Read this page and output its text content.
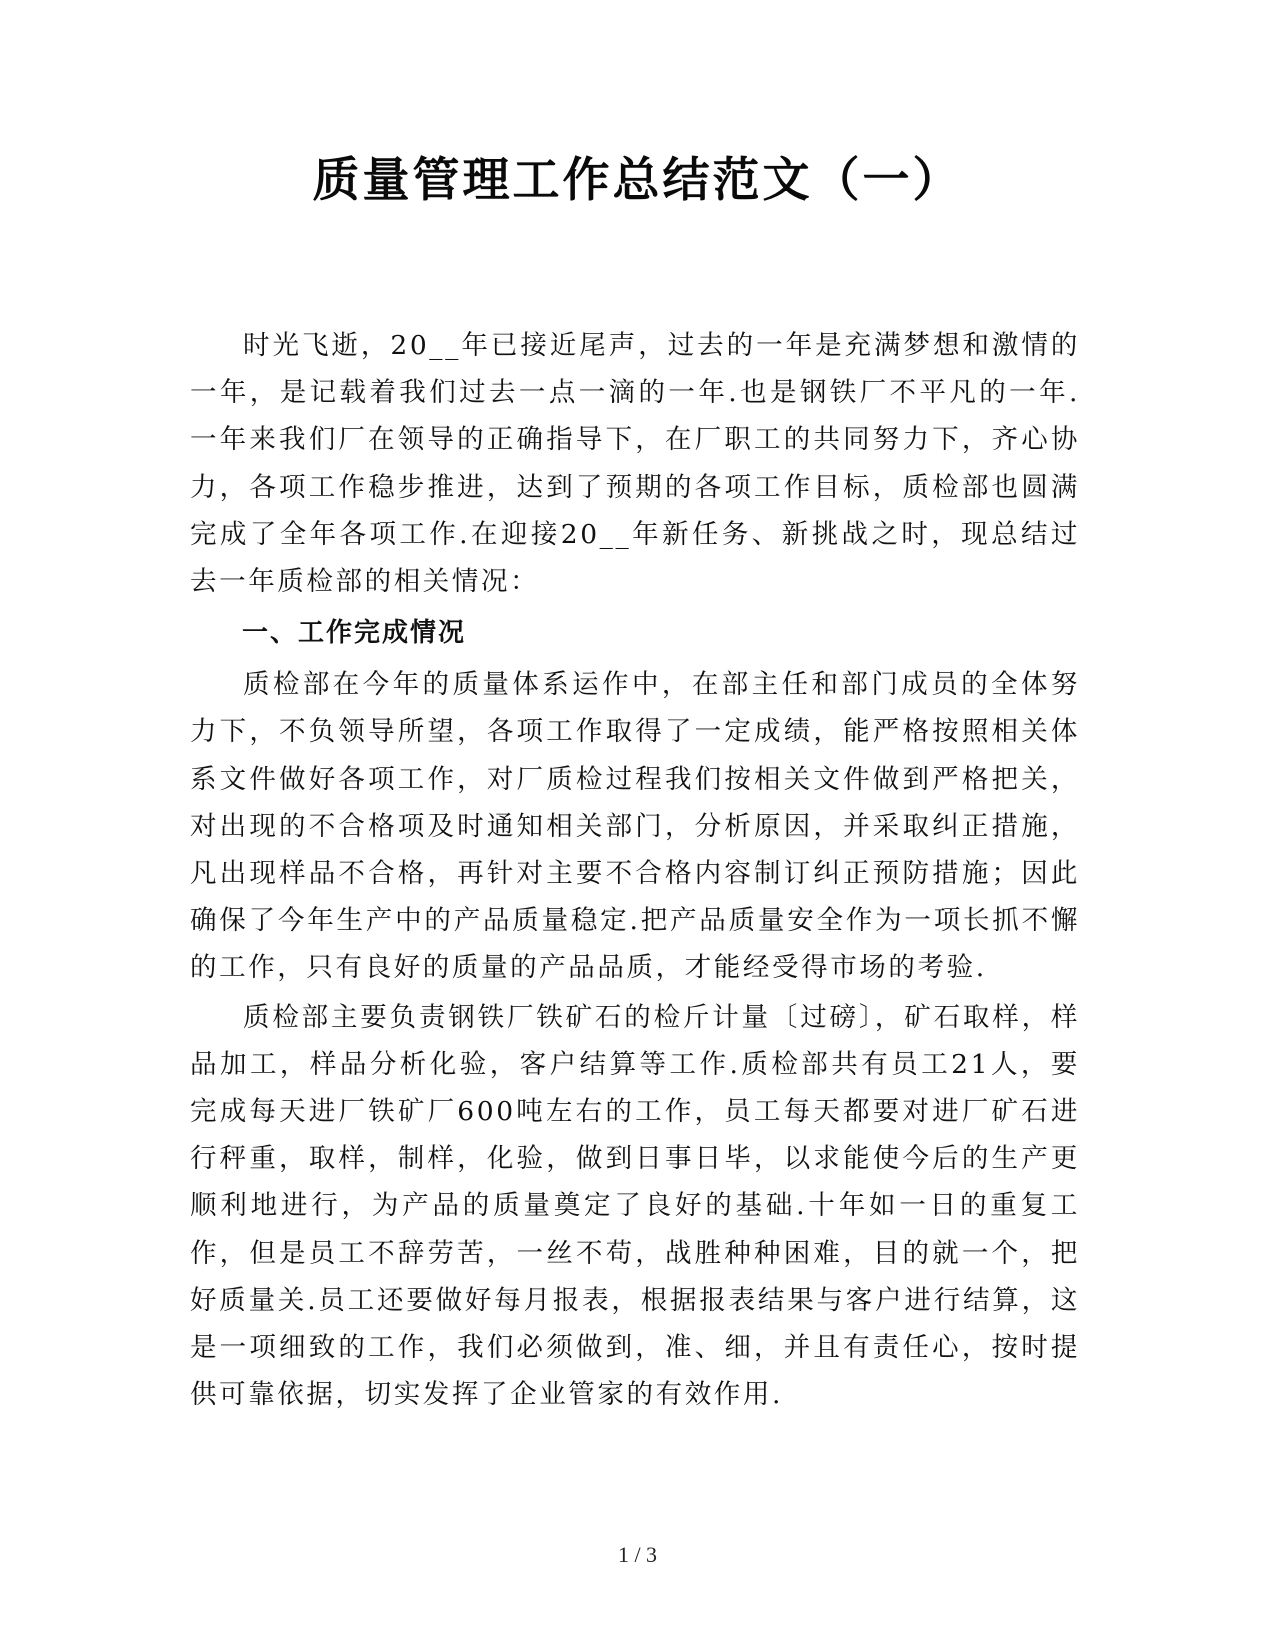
质量管理工作总结范文（一）

时光飞逝，20__年已接近尾声，过去的一年是充满梦想和激情的一年，是记载着我们过去一点一滴的一年.也是钢铁厂不平凡的一年.一年来我们厂在领导的正确指导下，在厂职工的共同努力下，齐心协力，各项工作稳步推进，达到了预期的各项工作目标，质检部也圆满完成了全年各项工作.在迎接20__年新任务、新挑战之时，现总结过去一年质检部的相关情况：

一、工作完成情况

质检部在今年的质量体系运作中，在部主任和部门成员的全体努力下，不负领导所望，各项工作取得了一定成绩，能严格按照相关体系文件做好各项工作，对厂质检过程我们按相关文件做到严格把关，对出现的不合格项及时通知相关部门，分析原因，并采取纠正措施，凡出现样品不合格，再针对主要不合格内容制订纠正预防措施；因此确保了今年生产中的产品质量稳定.把产品质量安全作为一项长抓不懈的工作，只有良好的质量的产品品质，才能经受得市场的考验.

质检部主要负责钢铁厂铁矿石的检斤计量〔过磅〕，矿石取样，样品加工，样品分析化验，客户结算等工作.质检部共有员工21人，要完成每天进厂铁矿厂600吨左右的工作，员工每天都要对进厂矿石进行秤重，取样，制样，化验，做到日事日毕，以求能使今后的生产更顺利地进行，为产品的质量奠定了良好的基础.十年如一日的重复工作，但是员工不辞劳苦，一丝不苟，战胜种种困难，目的就一个，把好质量关.员工还要做好每月报表，根据报表结果与客户进行结算，这是一项细致的工作，我们必须做到，准、细，并且有责任心，按时提供可靠依据，切实发挥了企业管家的有效作用.

1 / 3
